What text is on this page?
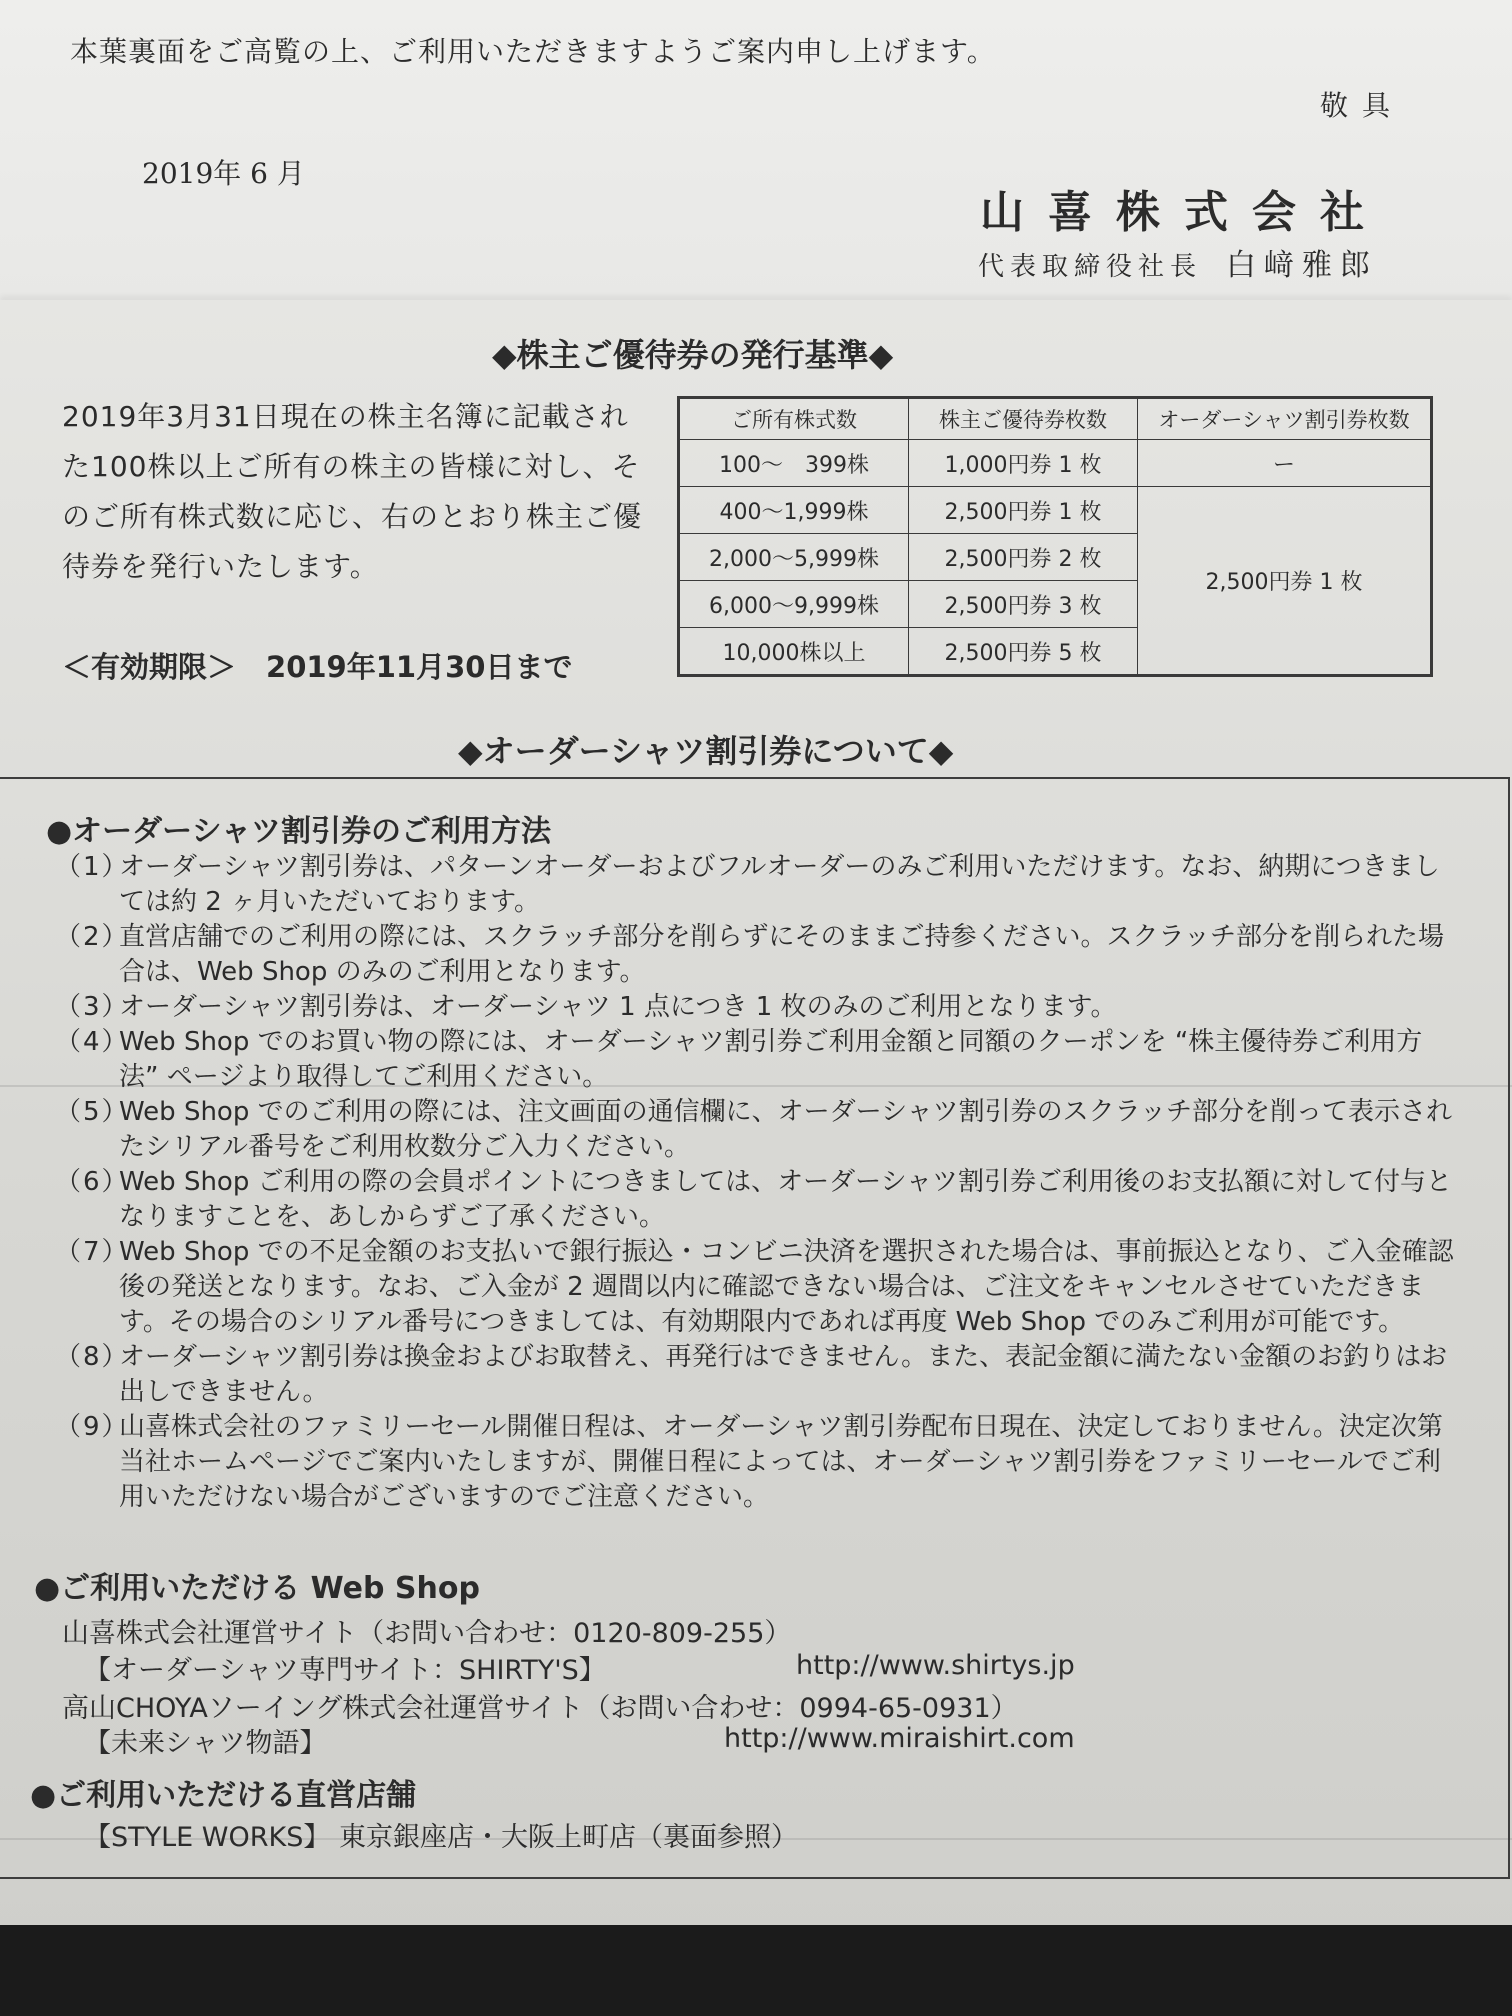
本葉裏面をご高覧の上、ご利用いただきますようご案内申し上げます。
敬具
2019年 6 月
山喜株式会社
代表取締役社長 白﨑雅郎
◆株主ご優待券の発行基準◆
2019年3月31日現在の株主名簿に記載された100株以上ご所有の株主の皆様に対し、そのご所有株式数に応じ、右のとおり株主ご優待券を発行いたします。
＜有効期限＞ 2019年11月30日まで
ご所有株式数	株主ご優待券枚数	オーダーシャツ割引券枚数
100～　399株	1,000円券 1 枚	ー
400～1,999株	2,500円券 1 枚	2,500円券 1 枚
2,000～5,999株	2,500円券 2 枚	
6,000～9,999株	2,500円券 3 枚	
10,000株以上	2,500円券 5 枚	
◆オーダーシャツ割引券について◆
●オーダーシャツ割引券のご利用方法
（1）
オーダーシャツ割引券は、パターンオーダーおよびフルオーダーのみご利用いただけます。なお、納期につきましては約 2 ヶ月いただいております。
（2）
直営店舗でのご利用の際には、スクラッチ部分を削らずにそのままご持参ください。スクラッチ部分を削られた場合は、Web Shop のみのご利用となります。
（3）
オーダーシャツ割引券は、オーダーシャツ 1 点につき 1 枚のみのご利用となります。
（4）
Web Shop でのお買い物の際には、オーダーシャツ割引券ご利用金額と同額のクーポンを “株主優待券ご利用方法” ページより取得してご利用ください。
（5）
Web Shop でのご利用の際には、注文画面の通信欄に、オーダーシャツ割引券のスクラッチ部分を削って表示されたシリアル番号をご利用枚数分ご入力ください。
（6）
Web Shop ご利用の際の会員ポイントにつきましては、オーダーシャツ割引券ご利用後のお支払額に対して付与となりますことを、あしからずご了承ください。
（7）
Web Shop での不足金額のお支払いで銀行振込・コンビニ決済を選択された場合は、事前振込となり、ご入金確認後の発送となります。なお、ご入金が 2 週間以内に確認できない場合は、ご注文をキャンセルさせていただきます。その場合のシリアル番号につきましては、有効期限内であれば再度 Web Shop でのみご利用が可能です。
（8）
オーダーシャツ割引券は換金およびお取替え、再発行はできません。また、表記金額に満たない金額のお釣りはお出しできません。
（9）
山喜株式会社のファミリーセール開催日程は、オーダーシャツ割引券配布日現在、決定しておりません。決定次第当社ホームページでご案内いたしますが、開催日程によっては、オーダーシャツ割引券をファミリーセールでご利用いただけない場合がございますのでご注意ください。
●ご利用いただける Web Shop
山喜株式会社運営サイト（お問い合わせ：0120-809-255）
【オーダーシャツ専門サイト：SHIRTY'S】	http://www.shirtys.jp
高山CHOYAソーイング株式会社運営サイト（お問い合わせ：0994-65-0931）
【未来シャツ物語】	http://www.miraishirt.com
●ご利用いただける直営店舗
【STYLE WORKS】 東京銀座店・大阪上町店（裏面参照）
